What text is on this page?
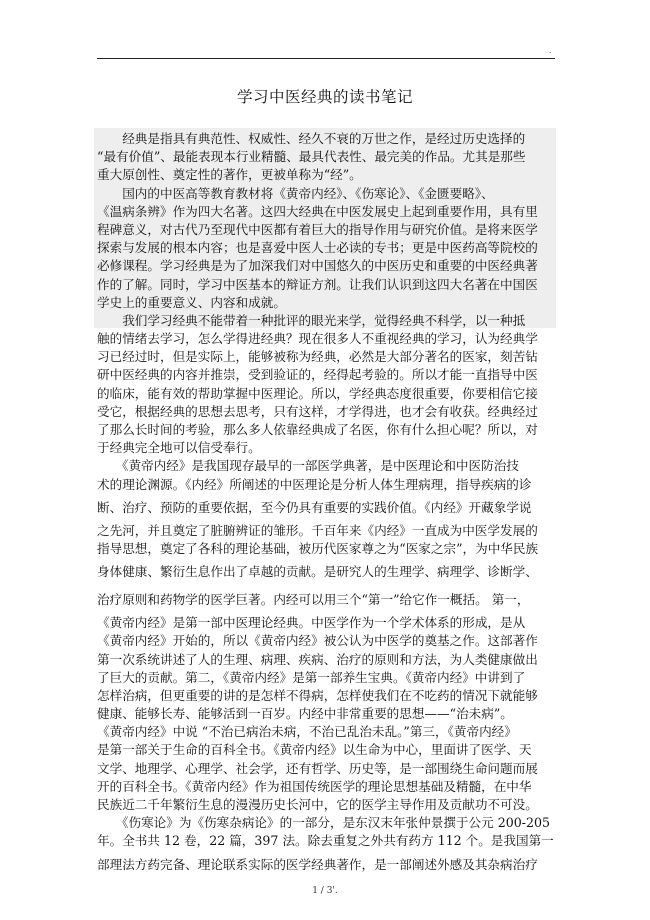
.
学习中医经典的读书笔记
　　经典是指具有典范性、权威性、经久不衰的万世之作，是经过历史选择的
“最有价值”、最能表现本行业精髓、最具代表性、最完美的作品。尤其是那些
重大原创性、奠定性的著作，更被单称为“经”。
　　国内的中医高等教育教材将《黄帝内经》、《伤寒论》、《金匮要略》、
《温病条辨》作为四大名著。这四大经典在中医发展史上起到重要作用，具有里
程碑意义，对古代乃至现代中医都有着巨大的指导作用与研究价值。是将来医学
探索与发展的根本内容；也是喜爱中医人士必读的专书；更是中医药高等院校的
必修课程。学习经典是为了加深我们对中国悠久的中医历史和重要的中医经典著
作的了解。同时，学习中医基本的辩证方剂。让我们认识到这四大名著在中国医
学史上的重要意义、内容和成就。
　　我们学习经典不能带着一种批评的眼光来学，觉得经典不科学，以一种抵
触的情绪去学习，怎么学得进经典？现在很多人不重视经典的学习，认为经典学
习已经过时，但是实际上，能够被称为经典，必然是大部分著名的医家，刻苦钻
研中医经典的内容并推崇，受到验证的，经得起考验的。所以才能一直指导中医
的临床，能有效的帮助掌握中医理论。所以，学经典态度很重要，你要相信它接
受它，根据经典的思想去思考，只有这样，才学得进，也才会有收获。经典经过
了那么长时间的考验，那么多人依靠经典成了名医，你有什么担心呢？所以，对
于经典完全地可以信受奉行。
　　《黄帝内经》是我国现存最早的一部医学典著，是中医理论和中医防治技
术的理论渊源。《内经》所阐述的中医理论是分析人体生理病理，指导疾病的诊
断、治疗、预防的重要依据，至今仍具有重要的实践价值。《内经》开藏象学说
之先河，并且奠定了脏腑辨证的雏形。千百年来《内经》一直成为中医学发展的
指导思想，奠定了各科的理论基础，被历代医家尊之为“医家之宗”，为中华民族
身体健康、繁衍生息作出了卓越的贡献。是研究人的生理学、病理学、诊断学、
治疗原则和药物学的医学巨著。内经可以用三个“第一”给它作一概括。 第一，
《黄帝内经》是第一部中医理论经典。中医学作为一个学术体系的形成，是从
《黄帝内经》开始的，所以《黄帝内经》被公认为中医学的奠基之作。这部著作
第一次系统讲述了人的生理、病理、疾病、治疗的原则和方法，为人类健康做出
了巨大的贡献。第二，《黄帝内经》是第一部养生宝典。《黄帝内经》中讲到了
怎样治病，但更重要的讲的是怎样不得病，怎样使我们在不吃药的情况下就能够
健康、能够长寿、能够活到一百岁。内经中非常重要的思想——“治未病”。
《黄帝内经》中说 “不治已病治未病，不治已乱治未乱。”第三，《黄帝内经》
是第一部关于生命的百科全书。《黄帝内经》以生命为中心，里面讲了医学、天
文学、地理学、心理学、社会学，还有哲学、历史等，是一部围绕生命问题而展
开的百科全书。《黄帝内经》作为祖国传统医学的理论思想基础及精髓，在中华
民族近二千年繁衍生息的漫漫历史长河中，它的医学主导作用及贡献功不可没。
　　《伤寒论》为《伤寒杂病论》的一部分，是东汉末年张仲景撰于公元 200-205
年。全书共 12 卷，22 篇，397 法。除去重复之外共有药方 112 个。是我国第一
部理法方药完备、理论联系实际的医学经典著作，是一部阐述外感及其杂病治疗
1 / 3'.
